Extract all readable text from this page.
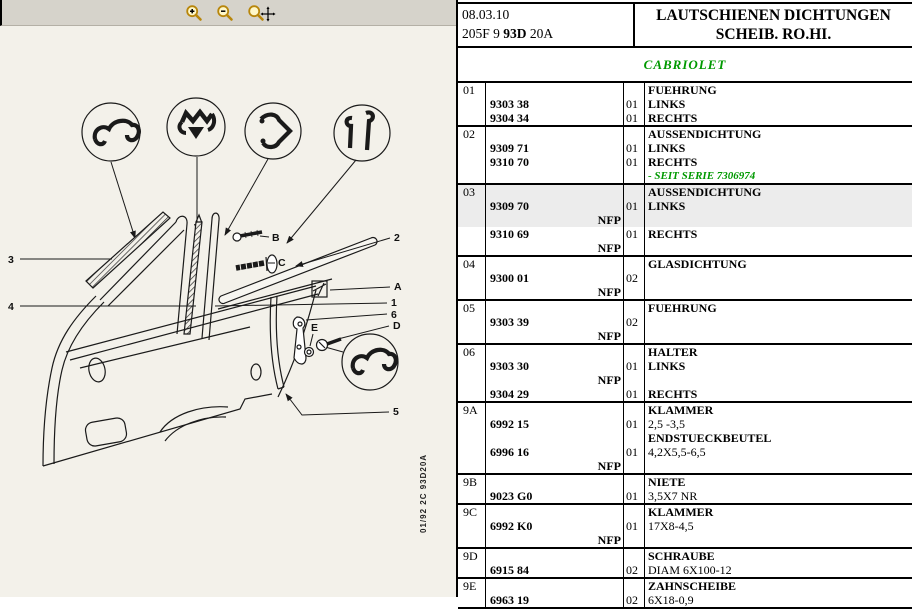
3
4
2
A
1
6
D
E
B
C
5
01/92 2C 93D20A
08.03.10
205F 9 93D 20A
LAUTSCHIENEN DICHTUNGEN
SCHEIB. RO.HI.
CABRIOLET
01	FUEHRUNG
9303 38	01 LINKS
9304 34	01 RECHTS
02	AUSSENDICHTUNG
9309 71	01 LINKS
9310 70	01 RECHTS
- SEIT SERIE 7306974
03	AUSSENDICHTUNG
9309 70	01 LINKS
NFP
9310 69	01 RECHTS
NFP
04	GLASDICHTUNG
9300 01	02
NFP
05	FUEHRUNG
9303 39	02
NFP
06	HALTER
9303 30	01 LINKS
NFP
9304 29	01 RECHTS
9A	KLAMMER
6992 15	01 2,5 -3,5
ENDSTUECKBEUTEL
6996 16	01 4,2X5,5-6,5
NFP
9B	NIETE
9023 G0	01 3,5X7 NR
9C	KLAMMER
6992 K0	01 17X8-4,5
NFP
9D	SCHRAUBE
6915 84	02 DIAM 6X100-12
9E	ZAHNSCHEIBE
6963 19	02 6X18-0,9
